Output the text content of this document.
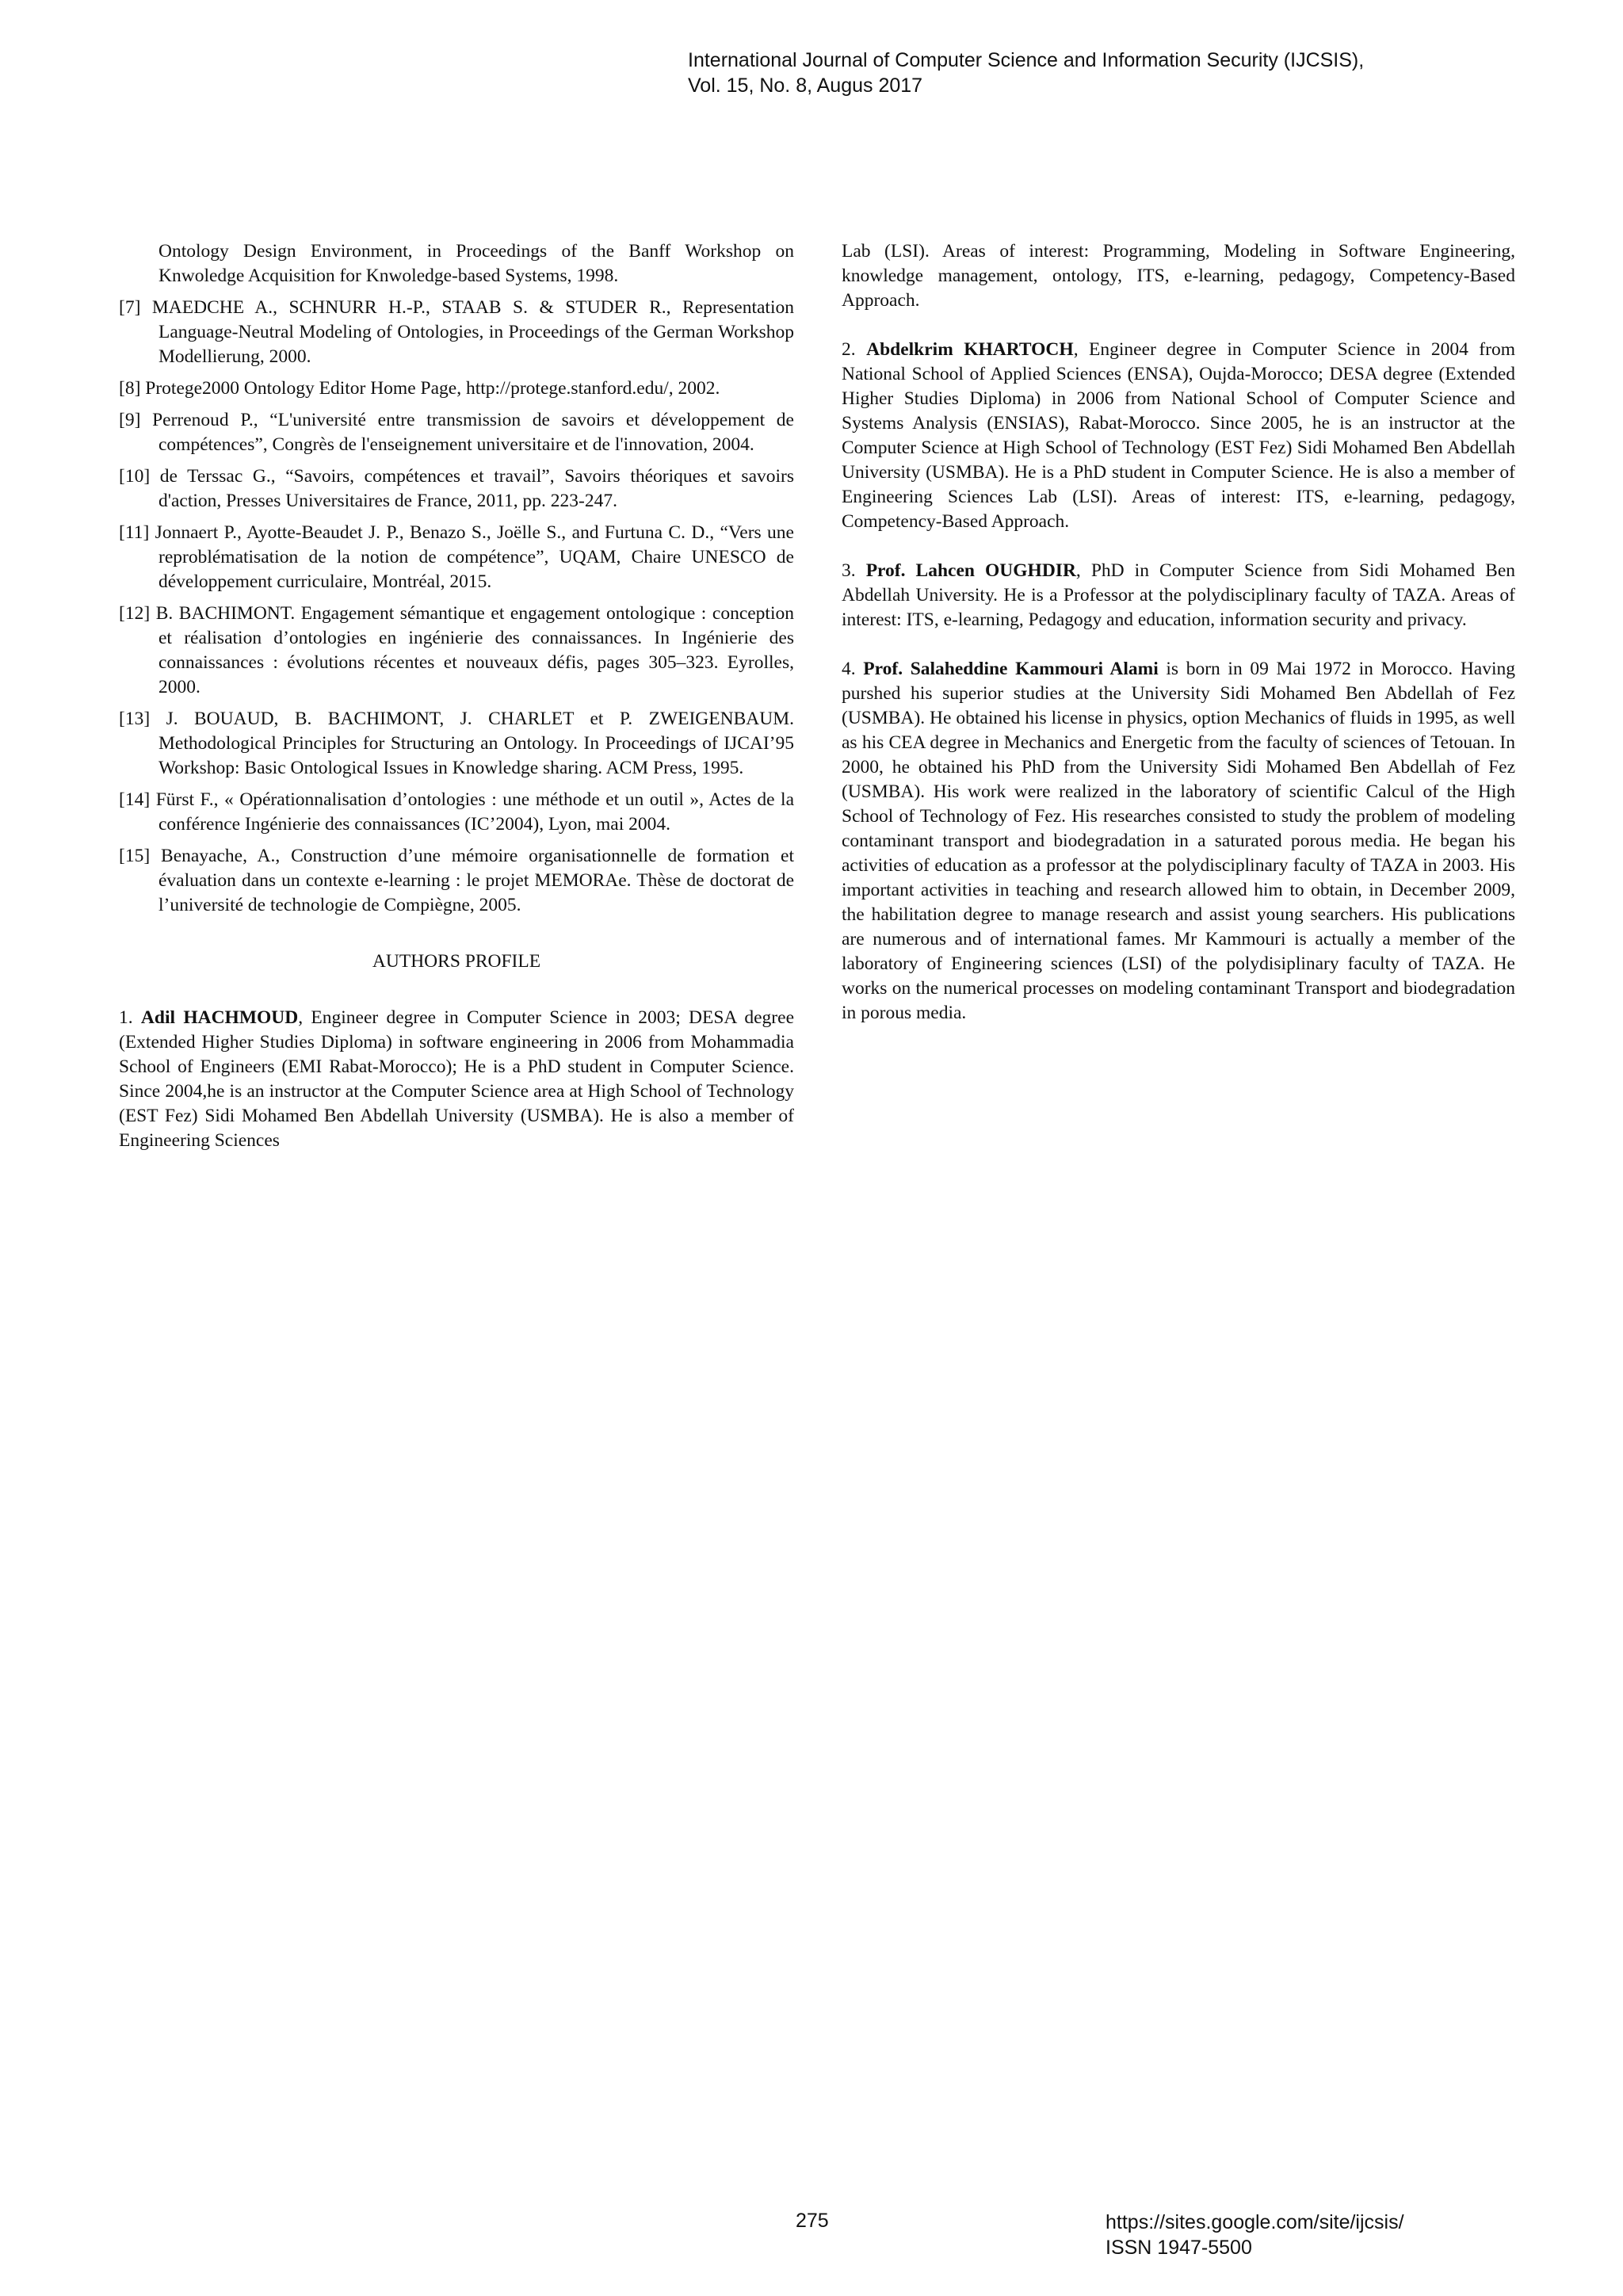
International Journal of Computer Science and Information Security (IJCSIS),
Vol. 15, No. 8, Augus 2017
Ontology Design Environment, in Proceedings of the Banff Workshop on Knwoledge Acquisition for Knwoledge-based Systems, 1998.
[7] MAEDCHE A., SCHNURR H.-P., STAAB S. & STUDER R., Representation Language-Neutral Modeling of Ontologies, in Proceedings of the German Workshop Modellierung, 2000.
[8] Protege2000 Ontology Editor Home Page, http://protege.stanford.edu/, 2002.
[9] Perrenoud P., “L'université entre transmission de savoirs et développement de compétences”, Congrès de l'enseignement universitaire et de l'innovation, 2004.
[10] de Terssac G., “Savoirs, compétences et travail”, Savoirs théoriques et savoirs d'action, Presses Universitaires de France, 2011, pp. 223-247.
[11] Jonnaert P., Ayotte-Beaudet J. P., Benazo S., Joëlle S., and Furtuna C. D., “Vers une reproblématisation de la notion de compétence”, UQAM, Chaire UNESCO de développement curriculaire, Montréal, 2015.
[12] B. BACHIMONT. Engagement sémantique et engagement ontologique : conception et réalisation d’ontologies en ingénierie des connaissances. In Ingénierie des connaissances : évolutions récentes et nouveaux défis, pages 305–323. Eyrolles, 2000.
[13] J. BOUAUD, B. BACHIMONT, J. CHARLET et P. ZWEIGENBAUM. Methodological Principles for Structuring an Ontology. In Proceedings of IJCAI’95 Workshop: Basic Ontological Issues in Knowledge sharing. ACM Press, 1995.
[14] Fürst F., « Opérationnalisation d’ontologies : une méthode et un outil », Actes de la conférence Ingénierie des connaissances (IC’2004), Lyon, mai 2004.
[15] Benayache, A., Construction d’une mémoire organisationnelle de formation et évaluation dans un contexte e-learning : le projet MEMORAe. Thèse de doctorat de l’université de technologie de Compiègne, 2005.
AUTHORS PROFILE
1. Adil HACHMOUD, Engineer degree in Computer Science in 2003; DESA degree (Extended Higher Studies Diploma) in software engineering in 2006 from Mohammadia School of Engineers (EMI Rabat-Morocco); He is a PhD student in Computer Science. Since 2004,he is an instructor at the Computer Science area at High School of Technology (EST Fez) Sidi Mohamed Ben Abdellah University (USMBA). He is also a member of Engineering Sciences
Lab (LSI). Areas of interest: Programming, Modeling in Software Engineering, knowledge management, ontology, ITS, e-learning, pedagogy, Competency-Based Approach.
2. Abdelkrim KHARTOCH, Engineer degree in Computer Science in 2004 from National School of Applied Sciences (ENSA), Oujda-Morocco; DESA degree (Extended Higher Studies Diploma) in 2006 from National School of Computer Science and Systems Analysis (ENSIAS), Rabat-Morocco. Since 2005, he is an instructor at the Computer Science at High School of Technology (EST Fez) Sidi Mohamed Ben Abdellah University (USMBA). He is a PhD student in Computer Science. He is also a member of Engineering Sciences Lab (LSI). Areas of interest: ITS, e-learning, pedagogy, Competency-Based Approach.
3. Prof. Lahcen OUGHDIR, PhD in Computer Science from Sidi Mohamed Ben Abdellah University. He is a Professor at the polydisciplinary faculty of TAZA. Areas of interest: ITS, e-learning, Pedagogy and education, information security and privacy.
4. Prof. Salaheddine Kammouri Alami is born in 09 Mai 1972 in Morocco. Having purshed his superior studies at the University Sidi Mohamed Ben Abdellah of Fez (USMBA). He obtained his license in physics, option Mechanics of fluids in 1995, as well as his CEA degree in Mechanics and Energetic from the faculty of sciences of Tetouan. In 2000, he obtained his PhD from the University Sidi Mohamed Ben Abdellah of Fez (USMBA). His work were realized in the laboratory of scientific Calcul of the High School of Technology of Fez. His researches consisted to study the problem of modeling contaminant transport and biodegradation in a saturated porous media. He began his activities of education as a professor at the polydisciplinary faculty of TAZA in 2003. His important activities in teaching and research allowed him to obtain, in December 2009, the habilitation degree to manage research and assist young searchers. His publications are numerous and of international fames. Mr Kammouri is actually a member of the laboratory of Engineering sciences (LSI) of the polydisiplinary faculty of TAZA. He works on the numerical processes on modeling contaminant Transport and biodegradation in porous media.
275	https://sites.google.com/site/ijcsis/
ISSN 1947-5500
